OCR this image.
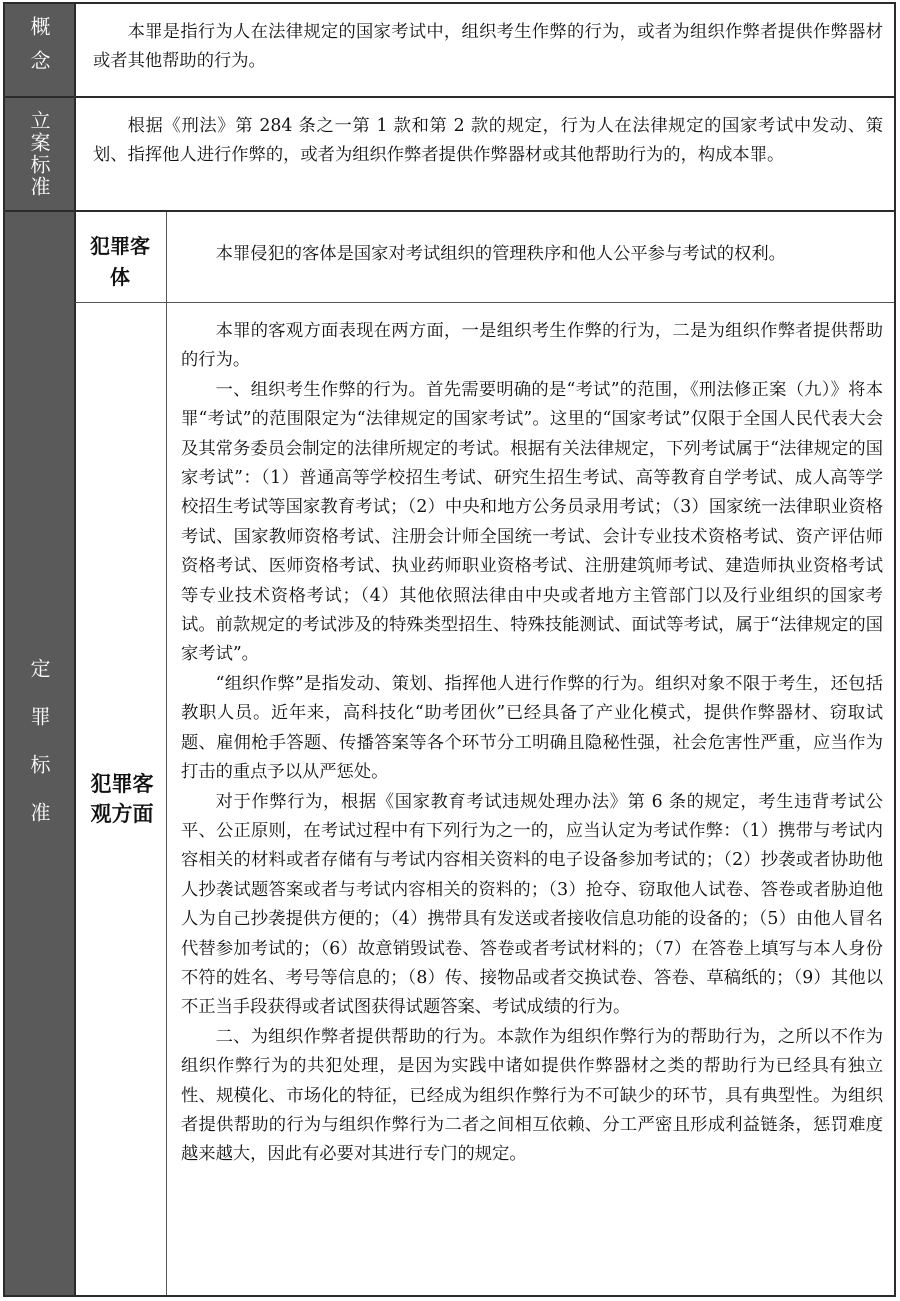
概念	本罪是指行为人在法律规定的国家考试中，组织考生作弊的行为，或者为组织作弊者提供作弊器材或者其他帮助的行为。

立案标准	根据《刑法》第 284 条之一第 1 款和第 2 款的规定，行为人在法律规定的国家考试中发动、策划、指挥他人进行作弊的，或者为组织作弊者提供作弊器材或其他帮助行为的，构成本罪。

定罪标准
犯罪客体

本罪侵犯的客体是国家对考试组织的管理秩序和他人公平参与考试的权利。

犯罪客观方面

本罪的客观方面表现在两方面，一是组织考生作弊的行为，二是为组织作弊者提供帮助的行为。

一、组织考生作弊的行为。首先需要明确的是“考试”的范围，《刑法修正案（九）》将本罪“考试”的范围限定为“法律规定的国家考试”。这里的“国家考试”仅限于全国人民代表大会及其常务委员会制定的法律所规定的考试。根据有关法律规定，下列考试属于“法律规定的国家考试”：（1）普通高等学校招生考试、研究生招生考试、高等教育自学考试、成人高等学校招生考试等国家教育考试；（2）中央和地方公务员录用考试；（3）国家统一法律职业资格考试、国家教师资格考试、注册会计师全国统一考试、会计专业技术资格考试、资产评估师资格考试、医师资格考试、执业药师职业资格考试、注册建筑师考试、建造师执业资格考试等专业技术资格考试；（4）其他依照法律由中央或者地方主管部门以及行业组织的国家考试。前款规定的考试涉及的特殊类型招生、特殊技能测试、面试等考试，属于“法律规定的国家考试”。

“组织作弊”是指发动、策划、指挥他人进行作弊的行为。组织对象不限于考生，还包括教职人员。近年来，高科技化“助考团伙”已经具备了产业化模式，提供作弊器材、窃取试题、雇佣枪手答题、传播答案等各个环节分工明确且隐秘性强，社会危害性严重，应当作为打击的重点予以从严惩处。

对于作弊行为，根据《国家教育考试违规处理办法》第 6 条的规定，考生违背考试公平、公正原则，在考试过程中有下列行为之一的，应当认定为考试作弊：（1）携带与考试内容相关的材料或者存储有与考试内容相关资料的电子设备参加考试的；（2）抄袭或者协助他人抄袭试题答案或者与考试内容相关的资料的；（3）抢夺、窃取他人试卷、答卷或者胁迫他人为自己抄袭提供方便的；（4）携带具有发送或者接收信息功能的设备的；（5）由他人冒名代替参加考试的；（6）故意销毁试卷、答卷或者考试材料的；（7）在答卷上填写与本人身份不符的姓名、考号等信息的；（8）传、接物品或者交换试卷、答卷、草稿纸的；（9）其他以不正当手段获得或者试图获得试题答案、考试成绩的行为。

二、为组织作弊者提供帮助的行为。本款作为组织作弊行为的帮助行为，之所以不作为组织作弊行为的共犯处理，是因为实践中诸如提供作弊器材之类的帮助行为已经具有独立性、规模化、市场化的特征，已经成为组织作弊行为不可缺少的环节，具有典型性。为组织者提供帮助的行为与组织作弊行为二者之间相互依赖、分工严密且形成利益链条，惩罚难度越来越大，因此有必要对其进行专门的规定。
